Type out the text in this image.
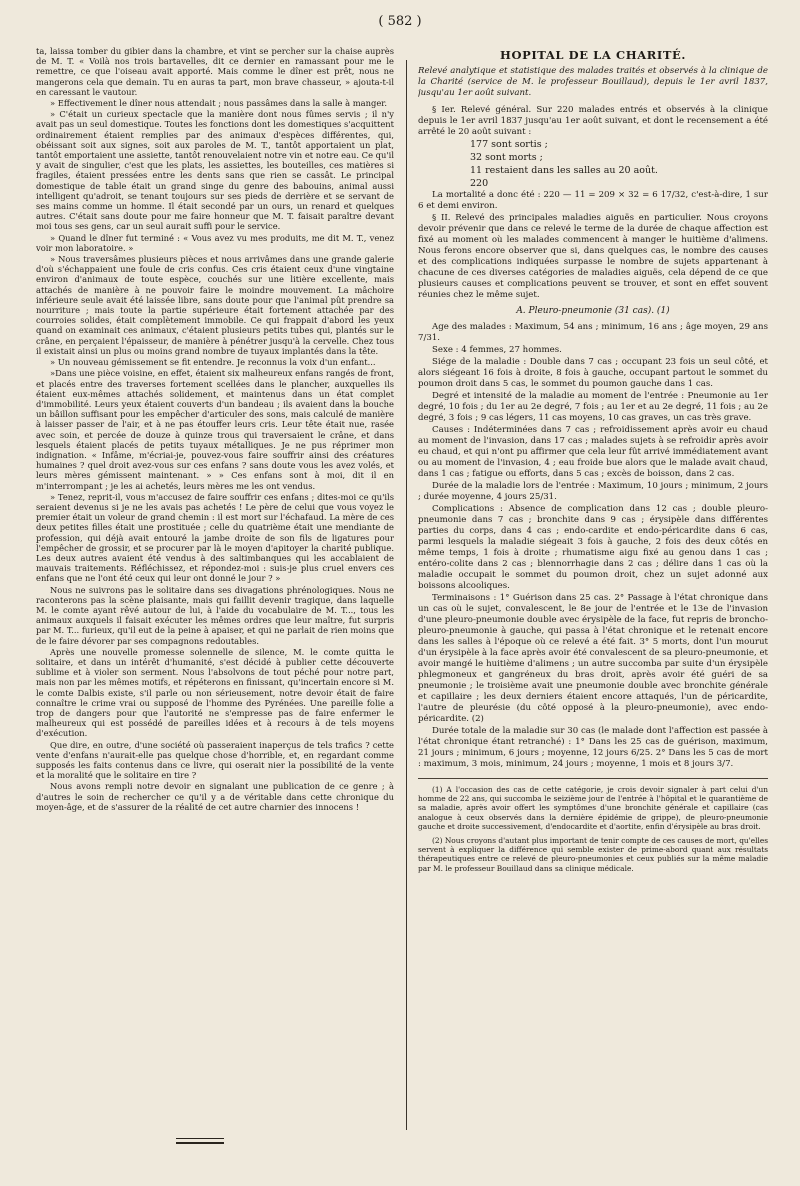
( 582 )

ta, laissa tomber du gibier dans la chambre, et vint se percher sur la chaise auprès de M. T. « Voilà nos trois bartavelles, dit ce dernier en ramassant pour me le remettre, ce que l'oiseau avait apporté. Mais comme le dîner est prêt, nous ne mangerons cela que demain. Tu en auras ta part, mon brave chasseur, » ajouta-t-il en caressant le vautour.

» Effectivement le dîner nous attendait ; nous passâmes dans la salle à manger.

» C'était un curieux spectacle que la manière dont nous fûmes servis ; il n'y avait pas un seul domestique. Toutes les fonctions dont les domestiques s'acquittent ordinairement étaient remplies par des animaux d'espèces différentes, qui, obéissant soit aux signes, soit aux paroles de M. T., tantôt apportaient un plat, tantôt emportaient une assiette, tantôt renouvelaient notre vin et notre eau. Ce qu'il y avait de singulier, c'est que les plats, les assiettes, les bouteilles, ces matières si fragiles, étaient pressées entre les dents sans que rien se cassât. Le principal domestique de table était un grand singe du genre des babouins, animal aussi intelligent qu'adroit, se tenant toujours sur ses pieds de derrière et se servant de ses mains comme un homme. Il était secondé par un ours, un renard et quelques autres. C'était sans doute pour me faire honneur que M. T. faisait paraître devant moi tous ses gens, car un seul aurait suffi pour le service.

» Quand le dîner fut terminé : « Vous avez vu mes produits, me dit M. T., venez voir mon laboratoire. »

» Nous traversâmes plusieurs pièces et nous arrivâmes dans une grande galerie d'où s'échappaient une foule de cris confus. Ces cris étaient ceux d'une vingtaine environ d'animaux de toute espèce, couchés sur une litière excellente, mais attachés de manière à ne pouvoir faire le moindre mouvement. La mâchoire inférieure seule avait été laissée libre, sans doute pour que l'animal pût prendre sa nourriture ; mais toute la partie supérieure était fortement attachée par des courroies solides, était complètement immobile. Ce qui frappait d'abord les yeux quand on examinait ces animaux, c'étaient plusieurs petits tubes qui, plantés sur le crâne, en perçaient l'épaisseur, de manière à pénétrer jusqu'à la cervelle. Chez tous il existait ainsi un plus ou moins grand nombre de tuyaux implantés dans la tête.

» Un nouveau gémissement se fit entendre. Je reconnus la voix d'un enfant...

»Dans une pièce voisine, en effet, étaient six malheureux enfans rangés de front, et placés entre des traverses fortement scellées dans le plancher, auxquelles ils étaient eux-mêmes attachés solidement, et maintenus dans un état complet d'immobilité. Leurs yeux étaient couverts d'un bandeau ; ils avaient dans la bouche un bâillon suffisant pour les empêcher d'articuler des sons, mais calculé de manière à laisser passer de l'air, et à ne pas étouffer leurs cris. Leur tête était nue, rasée avec soin, et percée de douze à quinze trous qui traversaient le crâne, et dans lesquels étaient placés de petits tuyaux métalliques. Je ne pus réprimer mon indignation. « Infâme, m'écriai-je, pouvez-vous faire souffrir ainsi des créatures humaines ? quel droit avez-vous sur ces enfans ? sans doute vous les avez volés, et leurs mères gémissent maintenant. » » Ces enfans sont à moi, dit il en m'interrompant ; je les ai achetés, leurs mères me les ont vendus.

» Tenez, reprit-il, vous m'accusez de faire souffrir ces enfans ; dites-moi ce qu'ils seraient devenus si je ne les avais pas achetés ! Le père de celui que vous voyez le premier était un voleur de grand chemin : il est mort sur l'échafaud. La mère de ces deux petites filles était une prostituée ; celle du quatrième était une mendiante de profession, qui déjà avait entouré la jambe droite de son fils de ligatures pour l'empêcher de grossir, et se procurer par là le moyen d'apitoyer la charité publique. Les deux autres avaient été vendus à des saltimbanques qui les accablaient de mauvais traitements. Réfléchissez, et répondez-moi : suis-je plus cruel envers ces enfans que ne l'ont été ceux qui leur ont donné le jour ? »

Nous ne suivrons pas le solitaire dans ses divagations phrénologiques. Nous ne raconterons pas la scène plaisante, mais qui faillit devenir tragique, dans laquelle M. le comte ayant rêvé autour de lui, à l'aide du vocabulaire de M. T..., tous les animaux auxquels il faisait exécuter les mêmes ordres que leur maître, fut surpris par M. T... furieux, qu'il eut de la peine à apaiser, et qui ne parlait de rien moins que de le faire dévorer par ses compagnons redoutables.

Après une nouvelle promesse solennelle de silence, M. le comte quitta le solitaire, et dans un intérêt d'humanité, s'est décidé à publier cette découverte sublime et à violer son serment. Nous l'absolvons de tout péché pour notre part, mais non par les mêmes motifs, et répéterons en finissant, qu'incertain encore si M. le comte Dalbis existe, s'il parle ou non sérieusement, notre devoir était de faire connaître le crime vrai ou supposé de l'homme des Pyrénées. Une pareille folie a trop de dangers pour que l'autorité ne s'empresse pas de faire enfermer le malheureux qui est possédé de pareilles idées et à recours à de tels moyens d'exécution.

Que dire, en outre, d'une société où passeraient inaperçus de tels trafics ? cette vente d'enfans n'aurait-elle pas quelque chose d'horrible, et, en regardant comme supposés les faits contenus dans ce livre, qui oserait nier la possibilité de la vente et la moralité que le solitaire en tire ?

Nous avons rempli notre devoir en signalant une publication de ce genre ; à d'autres le soin de rechercher ce qu'il y a de véritable dans cette chronique du moyen-âge, et de s'assurer de la réalité de cet autre charnier des innocens !

HOPITAL DE LA CHARITÉ.

Relevé analytique et statistique des malades traités et observés à la clinique de la Charité (service de M. le professeur Bouillaud), depuis le 1er avril 1837, jusqu'au 1er août suivant.

§ Ier. Relevé général. Sur 220 malades entrés et observés à la clinique depuis le 1er avril 1837 jusqu'au 1er août suivant, et dont le recensement a été arrêté le 20 août suivant :

177 sont sortis ;
32 sont morts ;
11 restaient dans les salles au 20 août.
220

La mortalité a donc été : 220 — 11 = 209 × 32 = 6 17/32, c'est-à-dire, 1 sur 6 et demi environ.

§ II. Relevé des principales maladies aiguës en particulier. Nous croyons devoir prévenir que dans ce relevé le terme de la durée de chaque affection est fixé au moment où les malades commencent à manger le huitième d'alimens. Nous ferons encore observer que si, dans quelques cas, le nombre des causes et des complications indiquées surpasse le nombre de sujets appartenant à chacune de ces diverses catégories de maladies aiguës, cela dépend de ce que plusieurs causes et complications peuvent se trouver, et sont en effet souvent réunies chez le même sujet.

A. Pleuro-pneumonie (31 cas). (1)

Age des malades : Maximum, 54 ans ; minimum, 16 ans ; âge moyen, 29 ans 7/31.

Sexe : 4 femmes, 27 hommes.

Siége de la maladie : Double dans 7 cas ; occupant 23 fois un seul côté, et alors siégeant 16 fois à droite, 8 fois à gauche, occupant partout le sommet du poumon droit dans 5 cas, le sommet du poumon gauche dans 1 cas.

Degré et intensité de la maladie au moment de l'entrée : Pneumonie au 1er degré, 10 fois ; du 1er au 2e degré, 7 fois ; au 1er et au 2e degré, 11 fois ; au 2e degré, 3 fois ; 9 cas légers, 11 cas moyens, 10 cas graves, un cas très grave.

Causes : Indéterminées dans 7 cas ; refroidissement après avoir eu chaud au moment de l'invasion, dans 17 cas ; malades sujets à se refroidir après avoir eu chaud, et qui n'ont pu affirmer que cela leur fût arrivé immédiatement avant ou au moment de l'invasion, 4 ; eau froide bue alors que le malade avait chaud, dans 1 cas ; fatigue ou efforts, dans 5 cas ; excès de boisson, dans 2 cas.

Durée de la maladie lors de l'entrée : Maximum, 10 jours ; minimum, 2 jours ; durée moyenne, 4 jours 25/31.

Complications : Absence de complication dans 12 cas ; double pleuro-pneumonie dans 7 cas ; bronchite dans 9 cas ; érysipèle dans différentes parties du corps, dans 4 cas ; endo-cardite et endo-péricardite dans 6 cas, parmi lesquels la maladie siégeait 3 fois à gauche, 2 fois des deux côtés en même temps, 1 fois à droite ; rhumatisme aigu fixé au genou dans 1 cas ; entéro-colite dans 2 cas ; blennorrhagie dans 2 cas ; délire dans 1 cas où la maladie occupait le sommet du poumon droit, chez un sujet adonné aux boissons alcooliques.

Terminaisons : 1° Guérison dans 25 cas. 2° Passage à l'état chronique dans un cas où le sujet, convalescent, le 8e jour de l'entrée et le 13e de l'invasion d'une pleuro-pneumonie double avec érysipèle de la face, fut repris de broncho-pleuro-pneumonie à gauche, qui passa à l'état chronique et le retenait encore dans les salles à l'époque où ce relevé a été fait. 3° 5 morts, dont l'un mourut d'un érysipèle à la face après avoir été convalescent de sa pleuro-pneumonie, et avoir mangé le huitième d'alimens ; un autre succomba par suite d'un érysipèle phlegmoneux et gangréneux du bras droit, après avoir été guéri de sa pneumonie ; le troisième avait une pneumonie double avec bronchite générale et capillaire ; les deux derniers étaient encore attaqués, l'un de péricardite, l'autre de pleurésie (du côté opposé à la pleuro-pneumonie), avec endo-péricardite. (2)

Durée totale de la maladie sur 30 cas (le malade dont l'affection est passée à l'état chronique étant retranché) : 1° Dans les 25 cas de guérison, maximum, 21 jours ; minimum, 6 jours ; moyenne, 12 jours 6/25. 2° Dans les 5 cas de mort : maximum, 3 mois, minimum, 24 jours ; moyenne, 1 mois et 8 jours 3/7.

(1) A l'occasion des cas de cette catégorie, je crois devoir signaler à part celui d'un homme de 22 ans, qui succomba le seizième jour de l'entrée à l'hôpital et le quarantième de sa maladie, après avoir offert les symptômes d'une bronchite générale et capillaire (cas analogue à ceux observés dans la dernière épidémie de grippe), de pleuro-pneumonie gauche et droite successivement, d'endocardite et d'aortite, enfin d'érysipèle au bras droit.

(2) Nous croyons d'autant plus important de tenir compte de ces causes de mort, qu'elles servent à expliquer la différence qui semble exister de prime-abord quant aux résultats thérapeutiques entre ce relevé de pleuro-pneumonies et ceux publiés sur la même maladie par M. le professeur Bouillaud dans sa clinique médicale.
